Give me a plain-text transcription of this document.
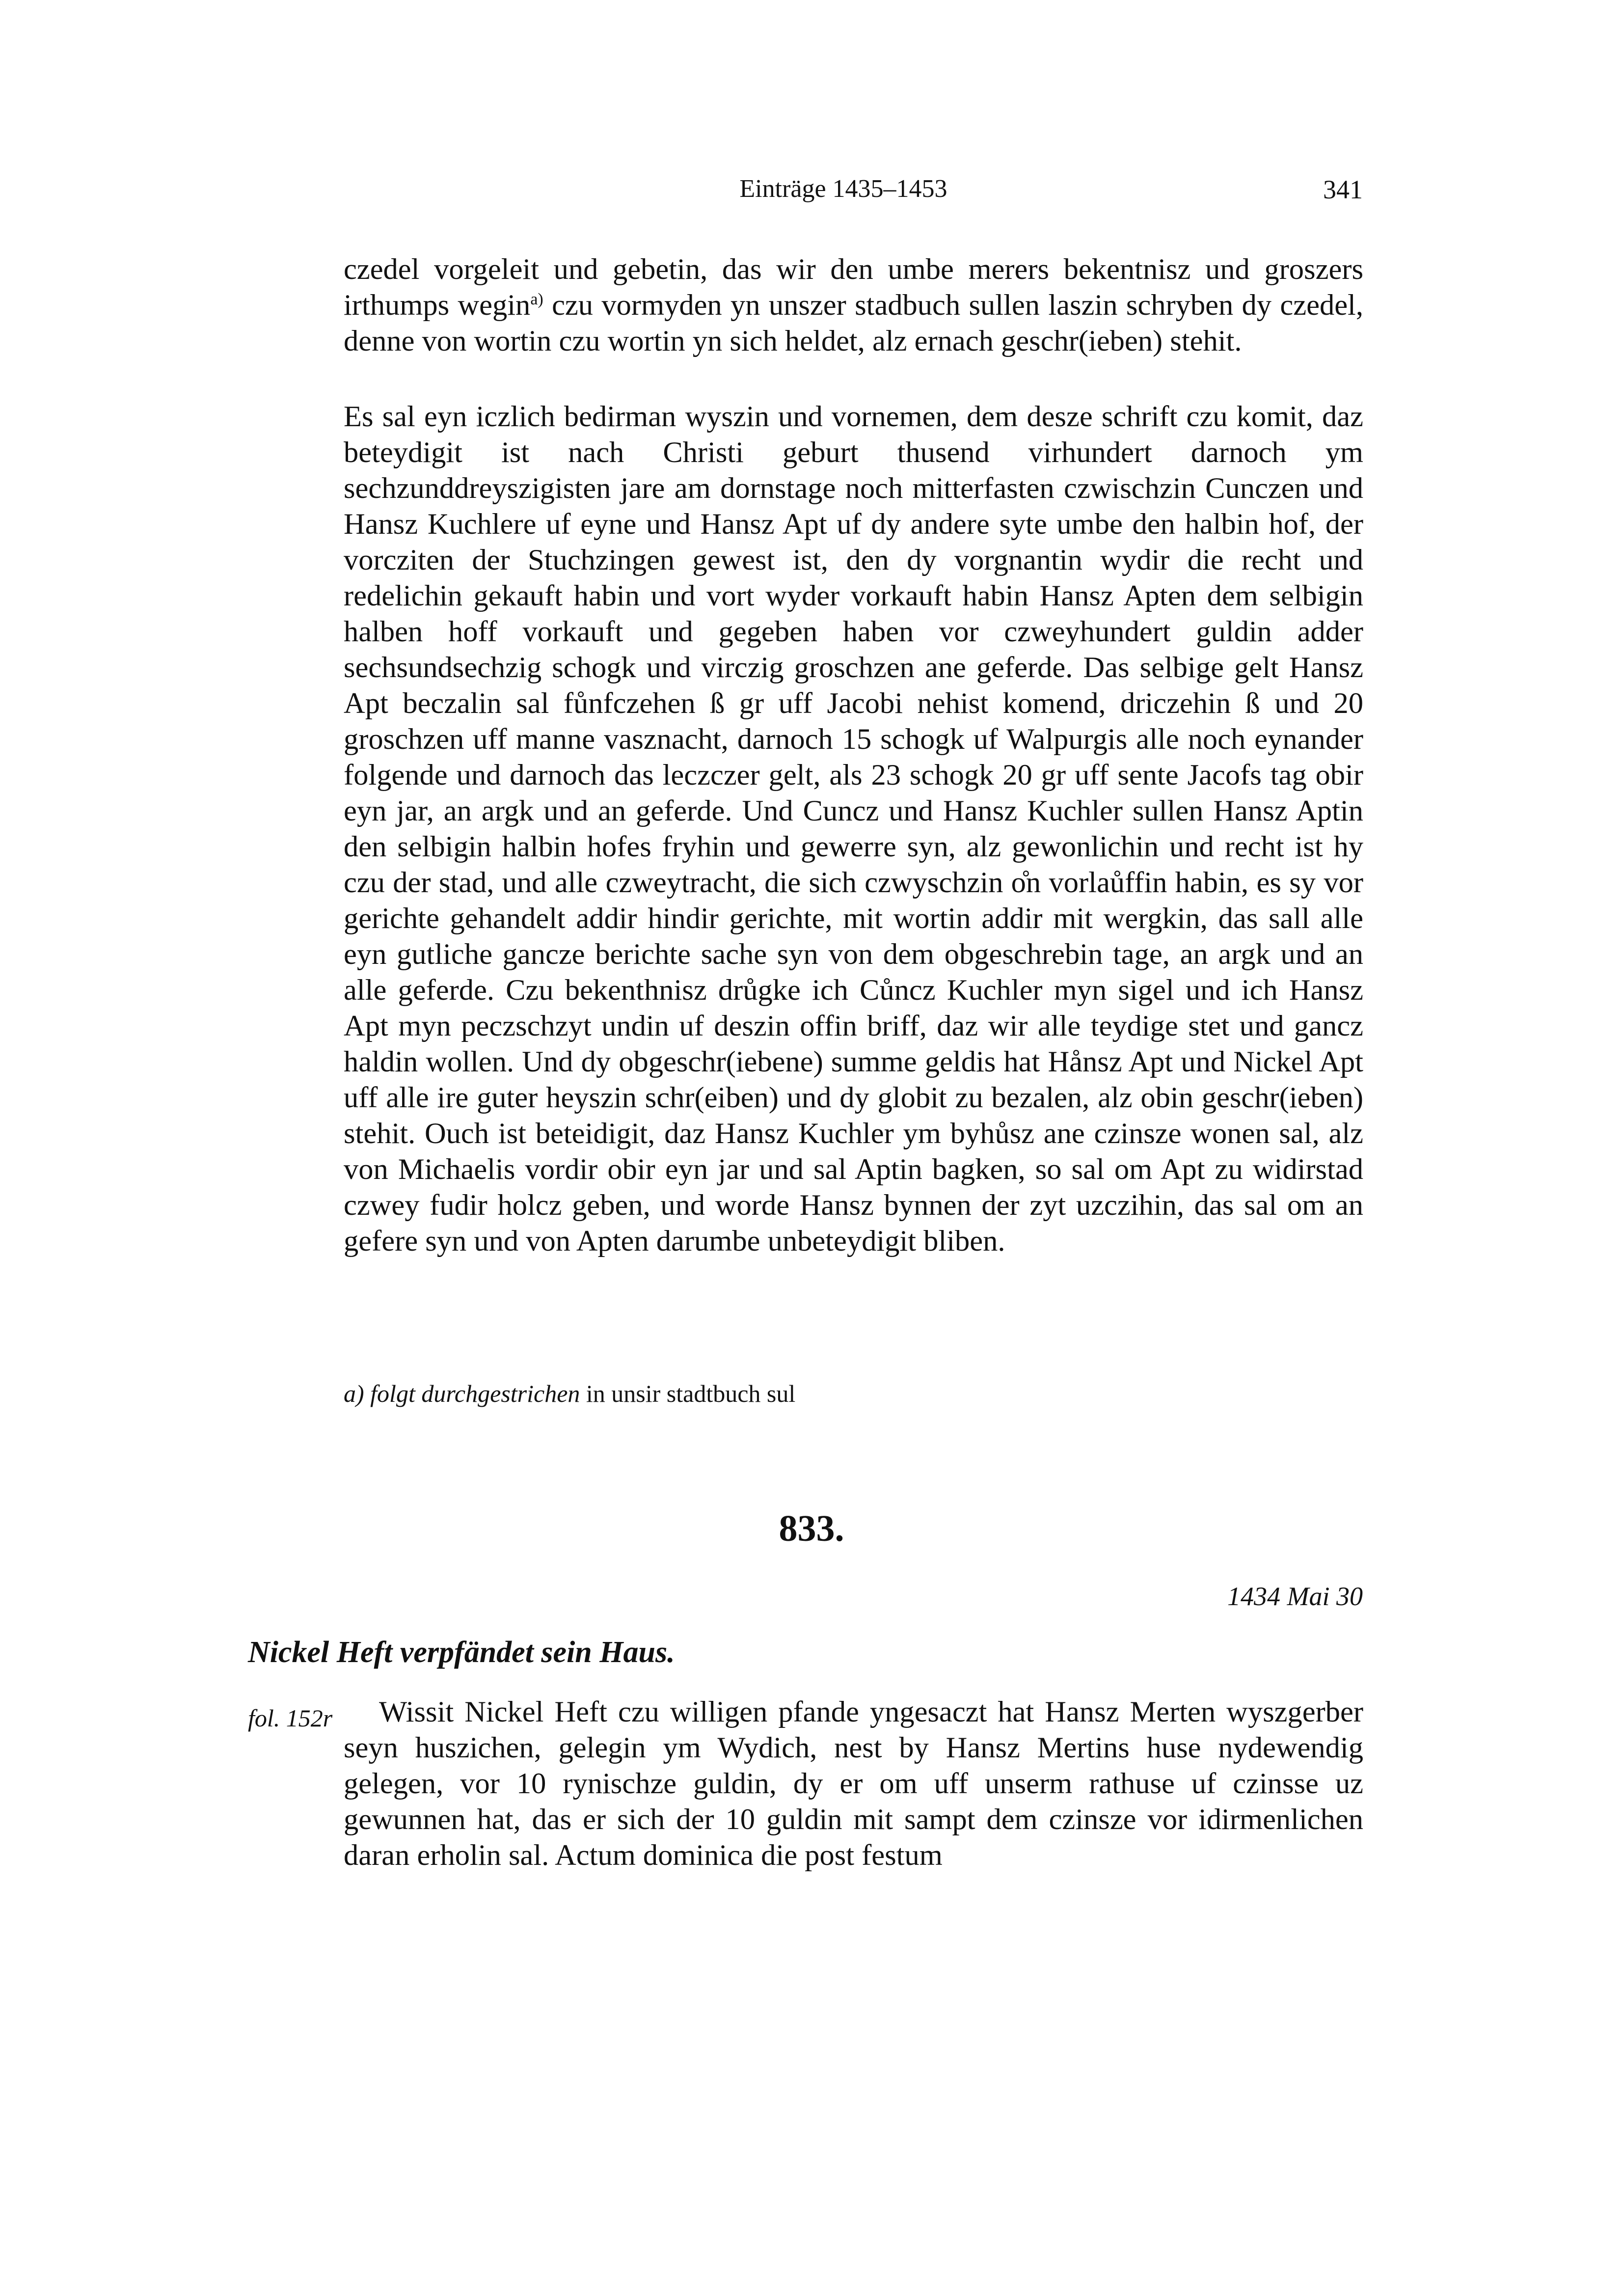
Einträge 1435–1453	341

czedel vorgeleit und gebetin, das wir den umbe merers bekentnisz und groszers irthumps wegin$^{a)}$ czu vormyden yn unszer stadbuch sullen laszin schryben dy czedel, denne von wortin czu wortin yn sich heldet, alz ernach geschr(ieben) stehit.

Es sal eyn iczlich bedirman wyszin und vornemen, dem desze schrift czu komit, daz beteydigit ist nach Christi geburt thusend virhundert darnoch ym sechzunddreyszigisten jare am dornstage noch mitterfasten czwischzin Cunczen und Hansz Kuchlere uf eyne und Hansz Apt uf dy andere syte umbe den halbin hof, der vorcziten der Stuchzingen gewest ist, den dy vorgnantin wydir die recht und redelichin gekauft habin und vort wyder vorkauft habin Hansz Apten dem selbigin halben hoff vorkauft und gegeben haben vor czweyhundert guldin adder sechsundsechzig schogk und virczig groschzen ane geferde. Das selbige gelt Hansz Apt beczalin sal fůnfczehen ß gr uff Jacobi nehist komend, driczehin ß und 20 groschzen uff manne vasznacht, darnoch 15 schogk uf Walpurgis alle noch eynander folgende und darnoch das leczczer gelt, als 23 schogk 20 gr uff sente Jacofs tag obir eyn jar, an argk und an geferde. Und Cuncz und Hansz Kuchler sullen Hansz Aptin den selbigin halbin hofes fryhin und gewerre syn, alz gewonlichin und recht ist hy czu der stad, und alle czweytracht, die sich czwyschzin o̊n vorlaůffin habin, es sy vor gerichte gehandelt addir hindir gerichte, mit wortin addir mit wergkin, das sall alle eyn gutliche gancze berichte sache syn von dem obgeschrebin tage, an argk und an alle geferde. Czu bekenthnisz drůgke ich Cůncz Kuchler myn sigel und ich Hansz Apt myn peczschzyt undin uf deszin offin briff, daz wir alle teydige stet und gancz haldin wollen. Und dy obgeschr(iebene) summe geldis hat Hånsz Apt und Nickel Apt uff alle ire guter heyszin schr(eiben) und dy globit zu bezalen, alz obin geschr(ieben) stehit. Ouch ist beteidigit, daz Hansz Kuchler ym byhůsz ane czinsze wonen sal, alz von Michaelis vordir obir eyn jar und sal Aptin bagken, so sal om Apt zu widirstad czwey fudir holcz geben, und worde Hansz bynnen der zyt uzczihin, das sal om an gefere syn und von Apten darumbe unbeteydigit bliben.

a) folgt durchgestrichen in unsir stadtbuch sul
833.
1434 Mai 30
Nickel Heft verpfändet sein Haus.
fol. 152r	Wissit Nickel Heft czu willigen pfande yngesaczt hat Hansz Merten wyszgerber seyn huszichen, gelegin ym Wydich, nest by Hansz Mertins huse nydewendig gelegen, vor 10 rynischze guldin, dy er om uff unserm rathuse uf czinsse uz gewunnen hat, das er sich der 10 guldin mit sampt dem czinsze vor idirmenlichen daran erholin sal. Actum dominica die post festum
